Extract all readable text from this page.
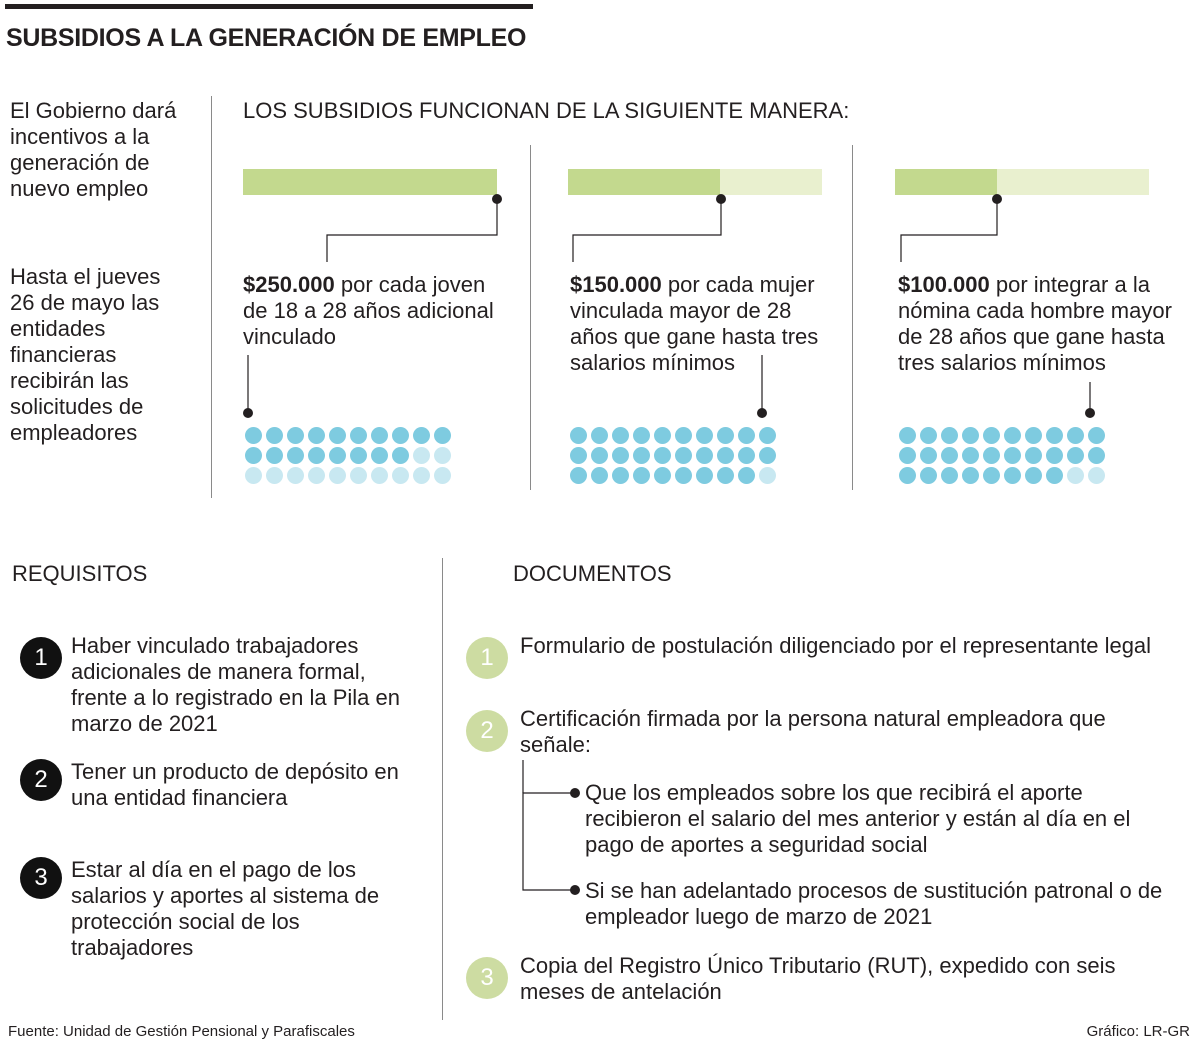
SUBSIDIOS A LA GENERACIÓN DE EMPLEO
El Gobierno dará incentivos a la generación de nuevo empleo
Hasta el jueves 26 de mayo las entidades financieras recibirán las solicitudes de empleadores
LOS SUBSIDIOS FUNCIONAN DE LA SIGUIENTE MANERA:
$250.000 por cada joven de 18 a 28 años adicional vinculado
$150.000 por cada mujer vinculada mayor de 28 años que gane hasta tres salarios mínimos
$100.000 por integrar a la nómina cada hombre mayor de 28 años que gane hasta tres salarios mínimos
REQUISITOS	DOCUMENTOS
1	Haber vinculado trabajadores adicionales de manera formal, frente a lo registrado en la Pila en marzo de 2021
2	Tener un producto de depósito en una entidad financiera
3	Estar al día en el pago de los salarios y aportes al sistema de protección social de los trabajadores
1	Formulario de postulación diligenciado por el representante legal
2	Certificación firmada por la persona natural empleadora que señale:
Que los empleados sobre los que recibirá el aporte recibieron el salario del mes anterior y están al día en el pago de aportes a seguridad social
Si se han adelantado procesos de sustitución patronal o de empleador luego de marzo de 2021
3	Copia del Registro Único Tributario (RUT), expedido con seis meses de antelación
Fuente: Unidad de Gestión Pensional y Parafiscales	Gráfico: LR-GR
